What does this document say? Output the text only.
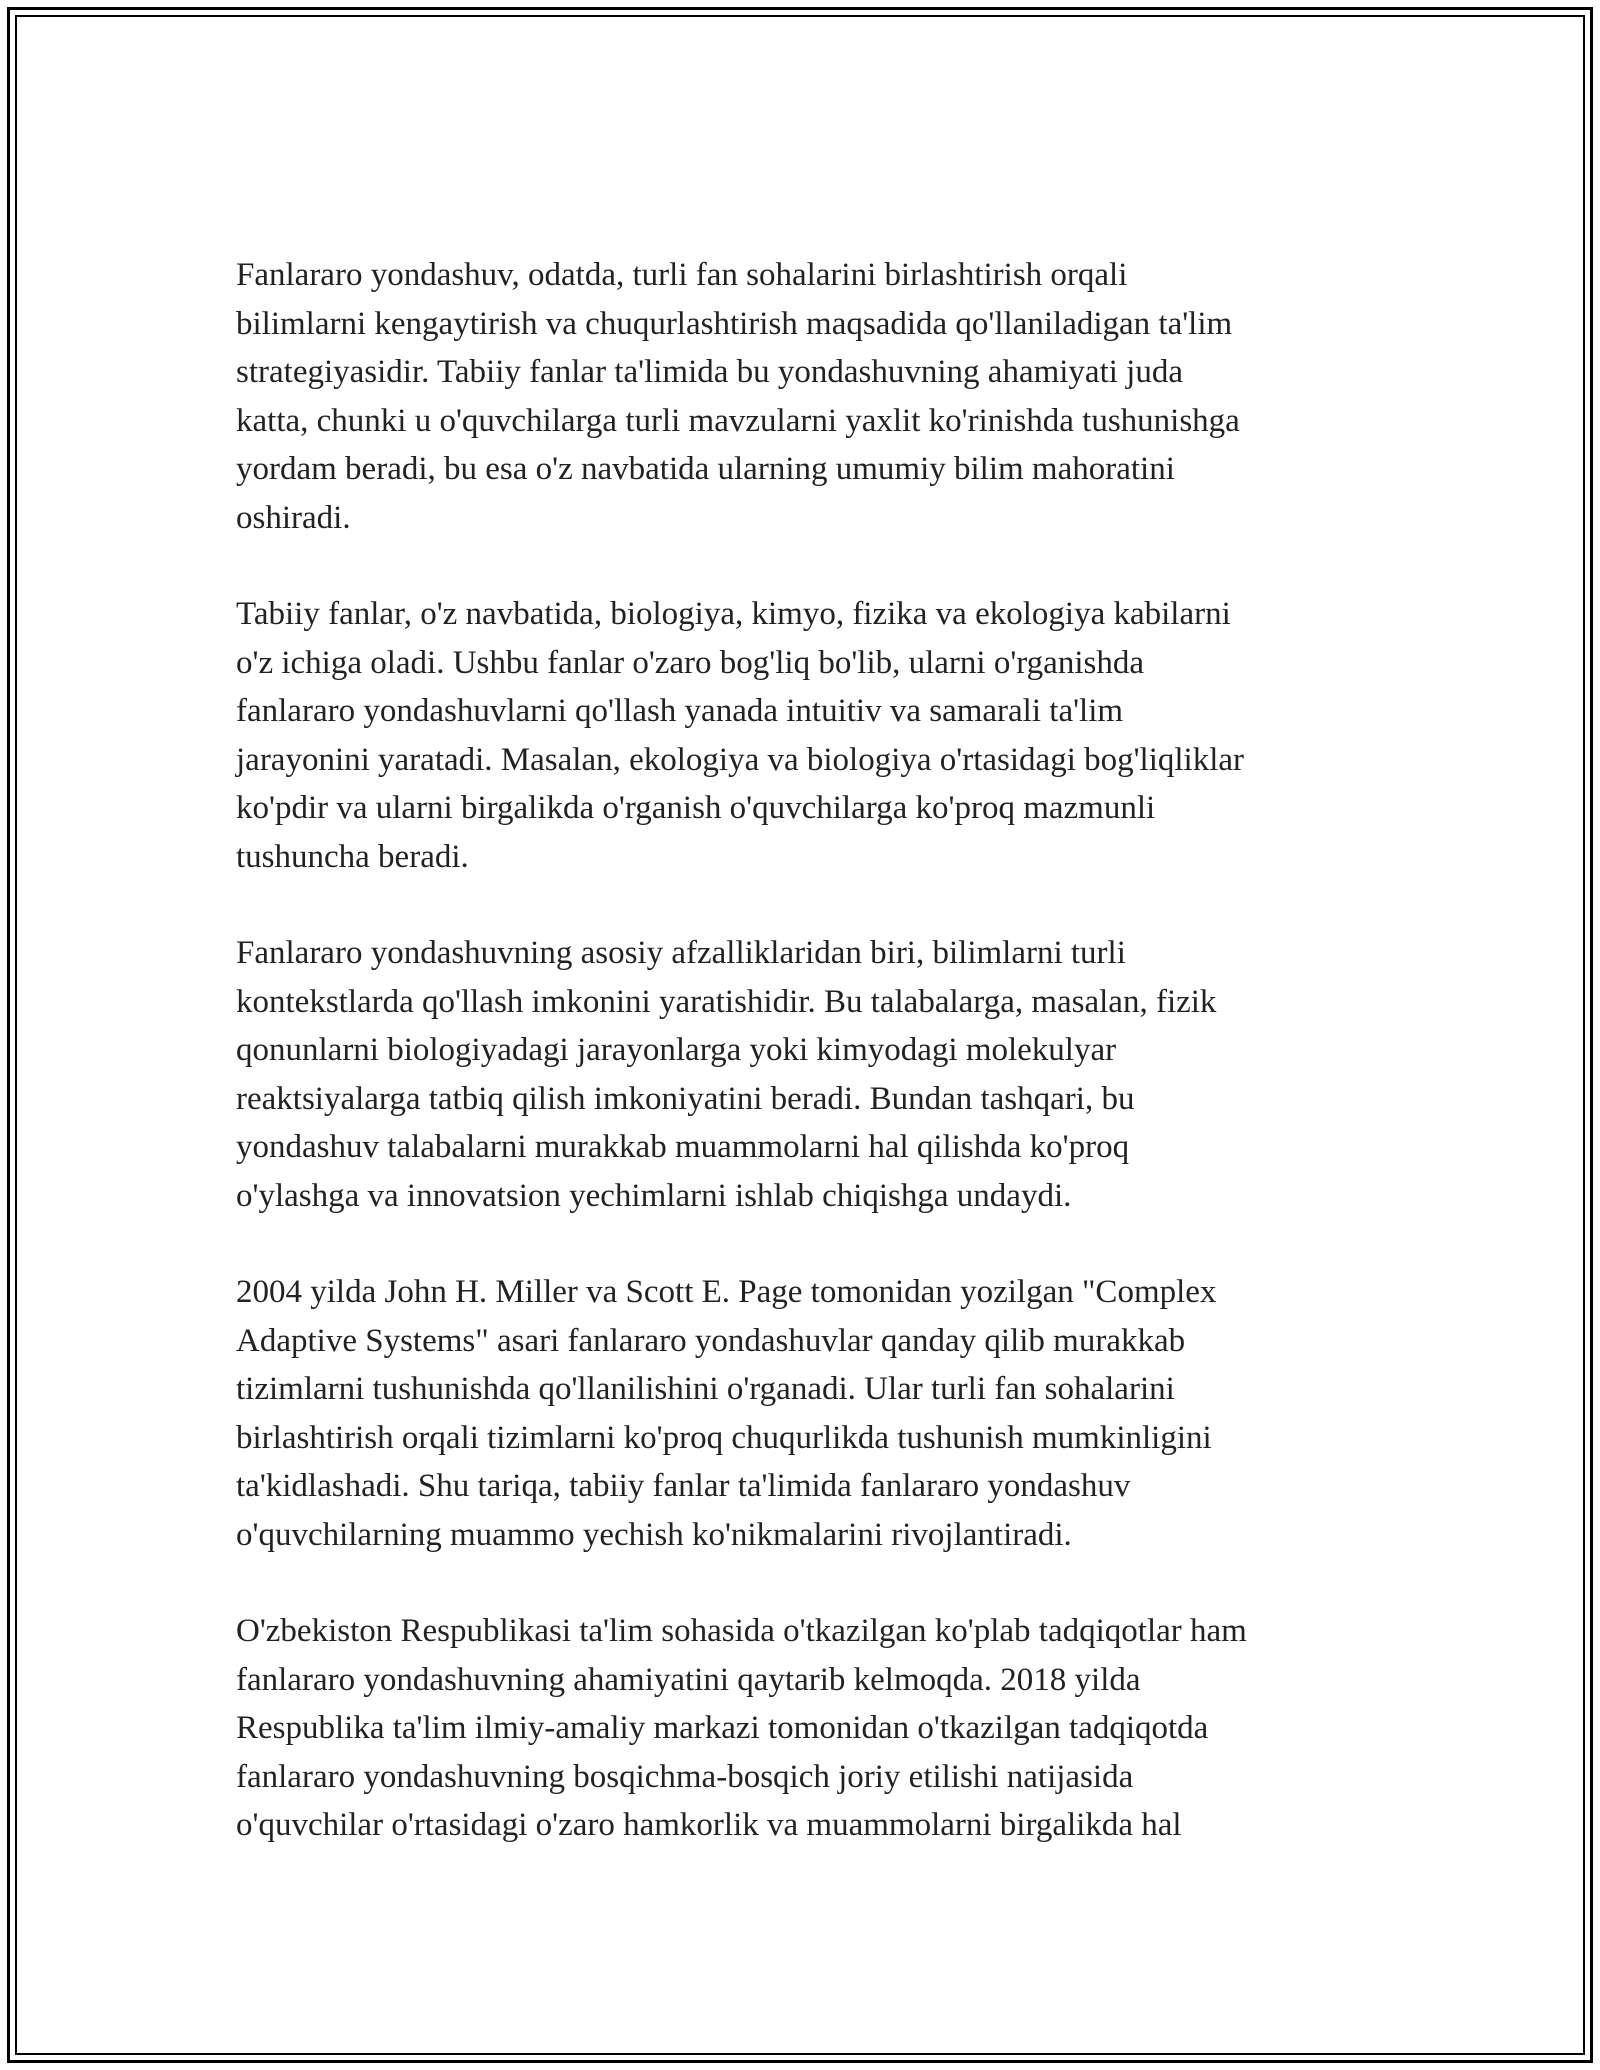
Fanlararo yondashuv, odatda, turli fan sohalarini birlashtirish orqali
bilimlarni kengaytirish va chuqurlashtirish maqsadida qo'llaniladigan ta'lim
strategiyasidir. Tabiiy fanlar ta'limida bu yondashuvning ahamiyati juda
katta, chunki u o'quvchilarga turli mavzularni yaxlit ko'rinishda tushunishga
yordam beradi, bu esa o'z navbatida ularning umumiy bilim mahoratini
oshiradi.

Tabiiy fanlar, o'z navbatida, biologiya, kimyo, fizika va ekologiya kabilarni
o'z ichiga oladi. Ushbu fanlar o'zaro bog'liq bo'lib, ularni o'rganishda
fanlararo yondashuvlarni qo'llash yanada intuitiv va samarali ta'lim
jarayonini yaratadi. Masalan, ekologiya va biologiya o'rtasidagi bog'liqliklar
ko'pdir va ularni birgalikda o'rganish o'quvchilarga ko'proq mazmunli
tushuncha beradi.

Fanlararo yondashuvning asosiy afzalliklaridan biri, bilimlarni turli
kontekstlarda qo'llash imkonini yaratishidir. Bu talabalarga, masalan, fizik
qonunlarni biologiyadagi jarayonlarga yoki kimyodagi molekulyar
reaktsiyalarga tatbiq qilish imkoniyatini beradi. Bundan tashqari, bu
yondashuv talabalarni murakkab muammolarni hal qilishda ko'proq
o'ylashga va innovatsion yechimlarni ishlab chiqishga undaydi.

2004 yilda John H. Miller va Scott E. Page tomonidan yozilgan "Complex
Adaptive Systems" asari fanlararo yondashuvlar qanday qilib murakkab
tizimlarni tushunishda qo'llanilishini o'rganadi. Ular turli fan sohalarini
birlashtirish orqali tizimlarni ko'proq chuqurlikda tushunish mumkinligini
ta'kidlashadi. Shu tariqa, tabiiy fanlar ta'limida fanlararo yondashuv
o'quvchilarning muammo yechish ko'nikmalarini rivojlantiradi.

O'zbekiston Respublikasi ta'lim sohasida o'tkazilgan ko'plab tadqiqotlar ham
fanlararo yondashuvning ahamiyatini qaytarib kelmoqda. 2018 yilda
Respublika ta'lim ilmiy-amaliy markazi tomonidan o'tkazilgan tadqiqotda
fanlararo yondashuvning bosqichma-bosqich joriy etilishi natijasida
o'quvchilar o'rtasidagi o'zaro hamkorlik va muammolarni birgalikda hal
